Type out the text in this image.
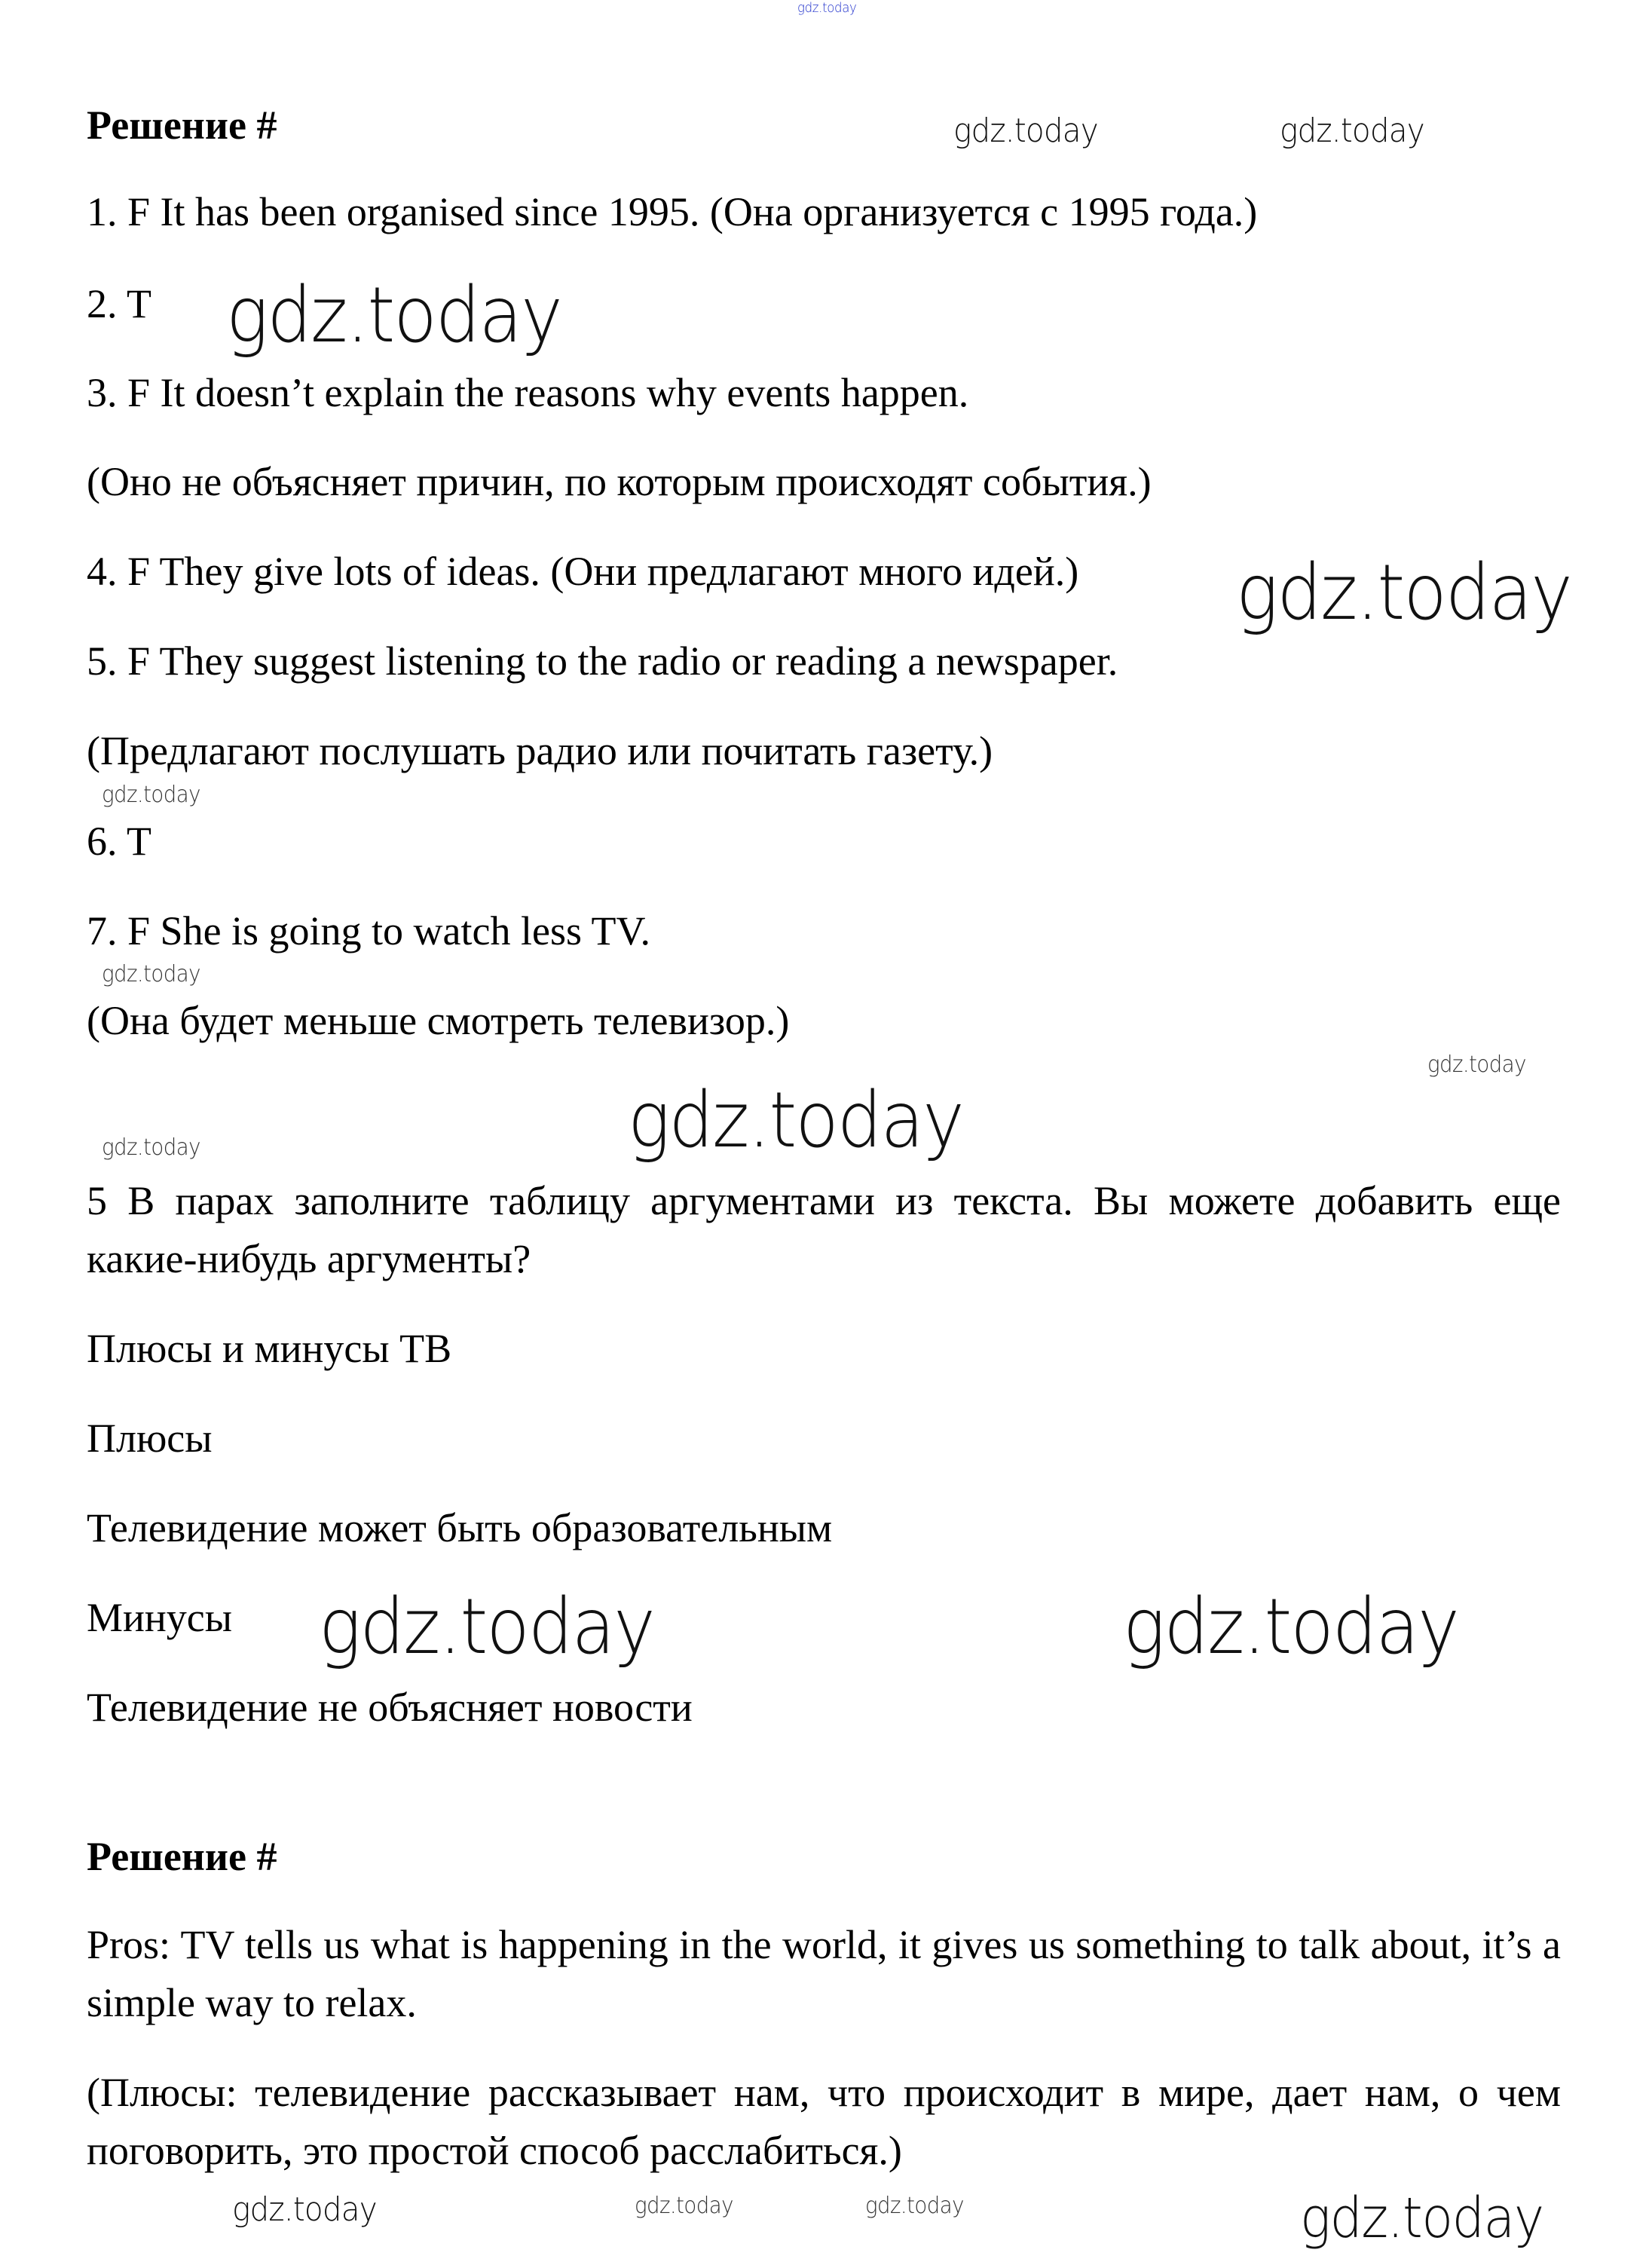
gdz.today
Решение #	gdz.today	gdz.today
1. F It has been organised since 1995. (Она организуется с 1995 года.)
2. T gdz.today
3. F It doesn’t explain the reasons why events happen.
(Оно не объясняет причин, по которым происходят события.)
4. F They give lots of ideas. (Они предлагают много идей.) gdz.today
5. F They suggest listening to the radio or reading a newspaper.
(Предлагают послушать радио или почитать газету.)
gdz.today
6. T
7. F She is going to watch less TV.
gdz.today
(Она будет меньше смотреть телевизор.)
gdz.today
gdz.today
gdz.today
5 В парах заполните таблицу аргументами из текста. Вы можете добавить еще какие-нибудь аргументы?
Плюсы и минусы ТВ
Плюсы
Телевидение может быть образовательным
Минусы gdz.today	gdz.today
Телевидение не объясняет новости
Решение #
Pros: TV tells us what is happening in the world, it gives us something to talk about, it’s a simple way to relax.
(Плюсы: телевидение рассказывает нам, что происходит в мире, дает нам, о чем поговорить, это простой способ расслабиться.)
gdz.today	gdz.today	gdz.today	gdz.today
